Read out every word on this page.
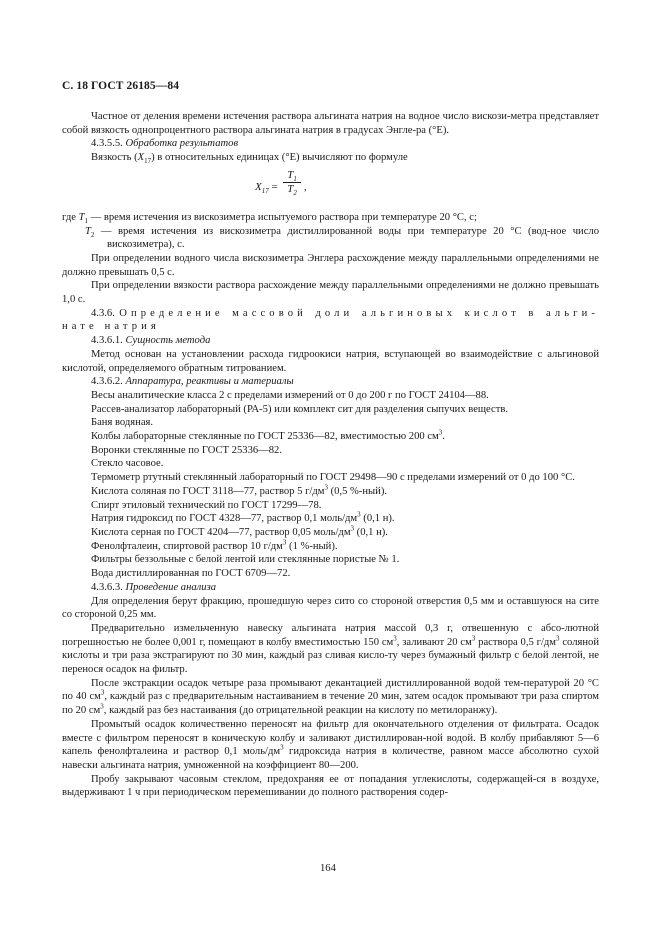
С. 18 ГОСТ 26185—84

Частное от деления времени истечения раствора альгината натрия на водное число вискози-метра представляет собой вязкость однопроцентного раствора альгината натрия в градусах Энгле-ра (°Е).

4.3.5.5. Обработка результатов

Вязкость $(X_{17})$ в относительных единицах (°Е) вычисляют по формуле

$X_{17} = \frac{T_1}{T_2}$ ,

где $T_1$ — время истечения из вискозиметра испытуемого раствора при температуре 20 °С, с;

$T_2$ — время истечения из вискозиметра дистиллированной воды при температуре 20 °С (вод-ное число вискозиметра), с.

При определении водного числа вискозиметра Энглера расхождение между параллельными определениями не должно превышать 0,5 с.

При определении вязкости раствора расхождение между параллельными определениями не должно превышать 1,0 с.

4.3.6. Определение массовой доли альгиновых кислот в альги-нате натрия

4.3.6.1. Сущность метода

Метод основан на установлении расхода гидроокиси натрия, вступающей во взаимодействие с альгиновой кислотой, определяемого обратным титрованием.

4.3.6.2. Аппаратура, реактивы и материалы

Весы аналитические класса 2 с пределами измерений от 0 до 200 г по ГОСТ 24104—88.

Рассев-анализатор лабораторный (РА-5) или комплект сит для разделения сыпучих веществ.

Баня водяная.

Колбы лабораторные стеклянные по ГОСТ 25336—82, вместимостью 200 $см^3$.

Воронки стеклянные по ГОСТ 25336—82.

Стекло часовое.

Термометр ртутный стеклянный лабораторный по ГОСТ 29498—90 с пределами измерений от 0 до 100 °С.

Кислота соляная по ГОСТ 3118—77, раствор 5 $г/дм^3$ (0,5 %-ный).

Спирт этиловый технический по ГОСТ 17299—78.

Натрия гидроксид по ГОСТ 4328—77, раствор 0,1 моль/$дм^3$ (0,1 н).

Кислота серная по ГОСТ 4204—77, раствор 0,05 моль/$дм^3$ (0,1 н).

Фенолфталеин, спиртовой раствор 10 $г/дм^3$ (1 %-ный).

Фильтры беззольные с белой лентой или стеклянные пористые № 1.

Вода дистиллированная по ГОСТ 6709—72.

4.3.6.3. Проведение анализа

Для определения берут фракцию, прошедшую через сито со стороной отверстия 0,5 мм и оставшуюся на сите со стороной 0,25 мм.

Предварительно измельченную навеску альгината натрия массой 0,3 г, отвешенную с абсо-лютной погрешностью не более 0,001 г, помещают в колбу вместимостью 150 $см^3$, заливают 20 $см^3$ раствора 0,5 $г/дм^3$ соляной кислоты и три раза экстрагируют по 30 мин, каждый раз сливая кисло-ту через бумажный фильтр с белой лентой, не перенося осадок на фильтр.

После экстракции осадок четыре раза промывают декантацией дистиллированной водой тем-пературой 20 °С по 40 $см^3$, каждый раз с предварительным настаиванием в течение 20 мин, затем осадок промывают три раза спиртом по 20 $см^3$, каждый раз без настаивания (до отрицательной реакции на кислоту по метилоранжу).

Промытый осадок количественно переносят на фильтр для окончательного отделения от фильтрата. Осадок вместе с фильтром переносят в коническую колбу и заливают дистиллирован-ной водой. В колбу прибавляют 5—6 капель фенолфталеина и раствор 0,1 моль/$дм^3$ гидроксида натрия в количестве, равном массе абсолютно сухой навески альгината натрия, умноженной на коэффициент 80—200.

Пробу закрывают часовым стеклом, предохраняя ее от попадания углекислоты, содержащей-ся в воздухе, выдерживают 1 ч при периодическом перемешивании до полного растворения содер-

164
